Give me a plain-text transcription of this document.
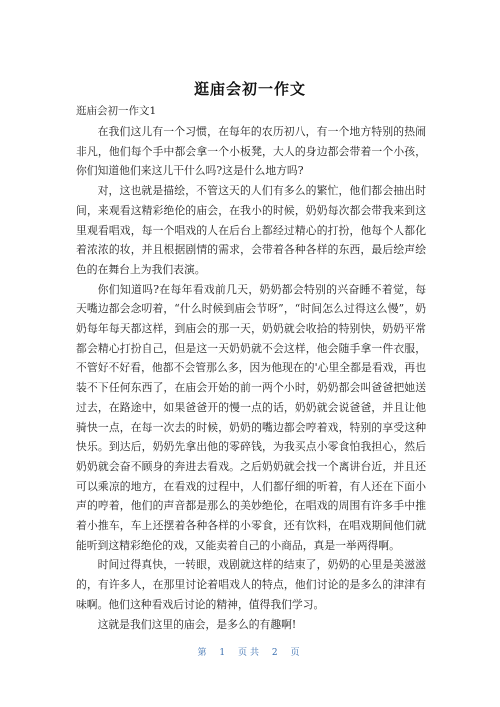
逛庙会初一作文
逛庙会初一作文1

在我们这儿有一个习惯，在每年的农历初八，有一个地方特别的热闹非凡，他们每个手中都会拿一个小板凳，大人的身边都会带着一个小孩，你们知道他们来这儿干什么吗?这是什么地方吗?

对，这也就是描绘，不管这天的人们有多么的繁忙，他们都会抽出时间，来观看这精彩绝伦的庙会，在我小的时候，奶奶每次都会带我来到这里观看唱戏，每一个唱戏的人在后台上都经过精心的打扮，他每个人都化着浓浓的妆，并且根据剧情的需求，会带着各种各样的东西，最后绘声绘色的在舞台上为我们表演。

你们知道吗?在每年看戏前几天，奶奶都会特别的兴奋睡不着觉，每天嘴边都会念叨着，“什么时候到庙会节呀”，“时间怎么过得这么慢”，奶奶每年每天都这样，到庙会的那一天，奶奶就会收拾的特别快，奶奶平常都会精心打扮自己，但是这一天奶奶就不会这样，他会随手拿一件衣服，不管好不好看，他都不会管那么多，因为他现在的'心里全都是看戏，再也装不下任何东西了，在庙会开始的前一两个小时，奶奶都会叫爸爸把她送过去，在路途中，如果爸爸开的慢一点的话，奶奶就会说爸爸，并且让他骑快一点，在每一次去的时候，奶奶的嘴边都会哼着戏，特别的享受这种快乐。到达后，奶奶先拿出他的零碎钱，为我买点小零食怕我担心，然后奶奶就会奋不顾身的奔进去看戏。之后奶奶就会找一个离讲台近，并且还可以乘凉的地方，在看戏的过程中，人们都仔细的听着，有人还在下面小声的哼着，他们的声音都是那么的美妙绝伦，在唱戏的周围有许多手中推着小推车，车上还摆着各种各样的小零食，还有饮料，在唱戏期间他们就能听到这精彩绝伦的戏，又能卖着自己的小商品，真是一举两得啊。

时间过得真快，一转眼，戏剧就这样的结束了，奶奶的心里是美滋滋的，有许多人，在那里讨论着唱戏人的特点，他们讨论的是多么的津津有味啊。他们这种看戏后讨论的精神，值得我们学习。

这就是我们这里的庙会，是多么的有趣啊!

第 1 页共 2 页
